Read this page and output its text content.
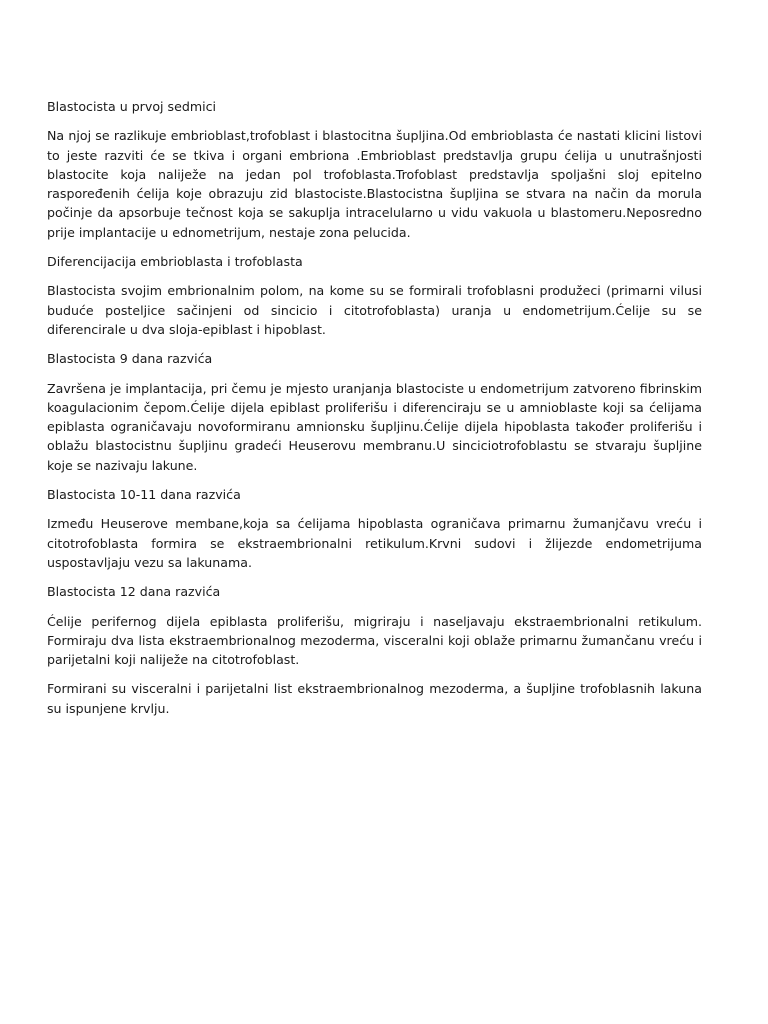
Blastocista u prvoj sedmici
Na njoj se razlikuje embrioblast,trofoblast i blastocitna šupljina.Od embrioblasta će nastati klicini listovi to jeste razviti će se tkiva i organi embriona .Embrioblast predstavlja grupu ćelija u unutrašnjosti blastocite koja naliježe na jedan pol trofoblasta.Trofoblast predstavlja spoljašni sloj epitelno raspoređenih ćelija koje obrazuju zid blastociste.Blastocistna šupljina se stvara na način da morula počinje da apsorbuje tečnost koja se sakuplja intracelularno u vidu vakuola u blastomeru.Neposredno prije implantacije u ednometrijum, nestaje zona pelucida.
Diferencijacija embrioblasta i trofoblasta
Blastocista svojim embrionalnim polom, na kome su se formirali trofoblasni produžeci (primarni vilusi buduće posteljice sačinjeni od sincicio i citotrofoblasta) uranja u endometrijum.Ćelije su se diferencirale u dva sloja-epiblast i hipoblast.
Blastocista 9 dana razvića
Završena je implantacija, pri čemu je mjesto uranjanja blastociste u endometrijum zatvoreno fibrinskim koagulacionim čepom.Ćelije dijela epiblast proliferišu i diferenciraju se u amnioblaste koji sa ćelijama epiblasta ograničavaju novoformiranu amnionsku šupljinu.Ćelije dijela hipoblasta također proliferišu i oblažu blastocistnu šupljinu gradeći Heuserovu membranu.U sinciciotrofoblastu se stvaraju šupljine koje se nazivaju lakune.
Blastocista 10-11 dana razvića
Između Heuserove membane,koja sa ćelijama hipoblasta ograničava primarnu žumanjčavu vreću i citotrofoblasta formira se ekstraembrionalni retikulum.Krvni sudovi i žlijezde endometrijuma uspostavljaju vezu sa lakunama.
Blastocista 12 dana razvića
Ćelije perifernog dijela epiblasta proliferišu, migriraju i naseljavaju ekstraembrionalni retikulum. Formiraju dva lista ekstraembrionalnog mezoderma, visceralni koji oblaže primarnu žumančanu vreću i parijetalni koji naliježe na citotrofoblast.
Formirani su visceralni i parijetalni list ekstraembrionalnog mezoderma, a šupljine trofoblasnih lakuna su ispunjene krvlju.
